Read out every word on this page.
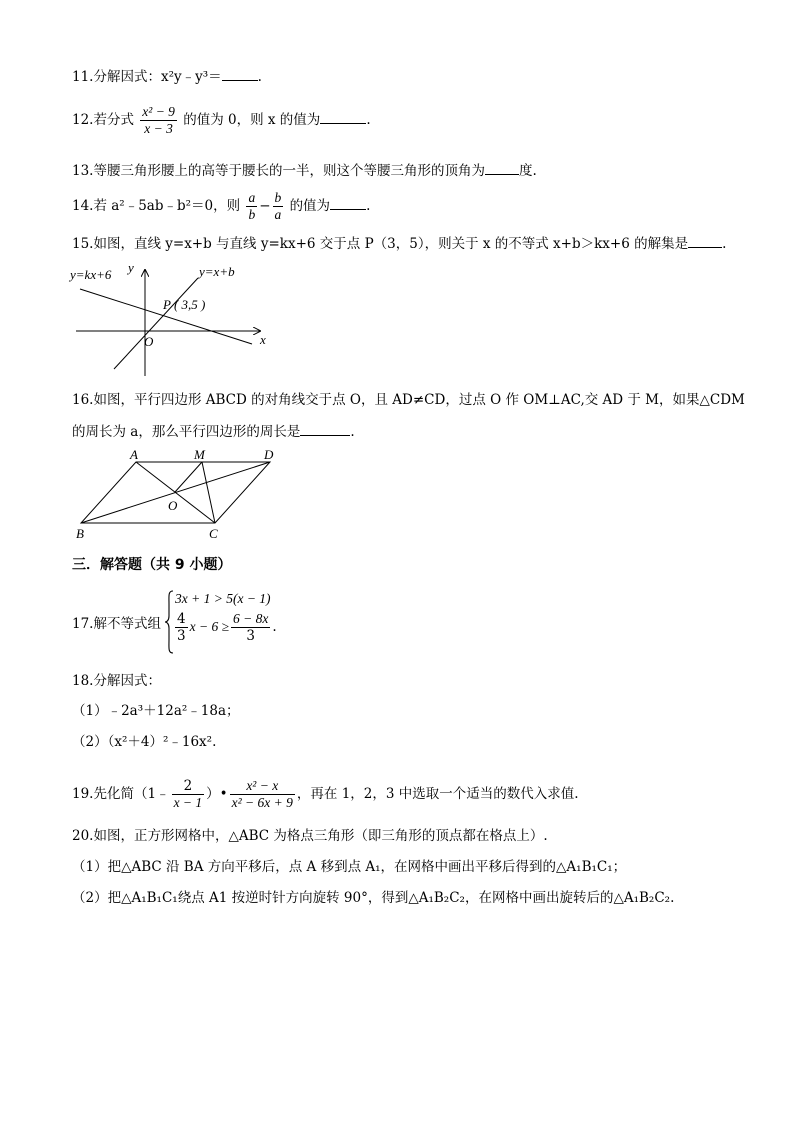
11.分解因式：x²y﹣y³＝	.
12.若分式 $\frac{\text{x² − 9}}{x - 3}$ 的值为 0，则 x 的值为	.
13.等腰三角形腰上的高等于腰长的一半，则这个等腰三角形的顶角为	度.
14.若 a²﹣5ab﹣b²＝0，则 $\frac{a}{b} - \frac{b}{a}$ 的值为	.
15.如图，直线 y=x+b 与直线 y=kx+6 交于点 P（3，5），则关于 x 的不等式 x+b＞kx+6 的解集是	.
y=kx+6	y=x+b
P ( 3,5 )
x
y
O
16.如图，平行四边形 ABCD 的对角线交于点 O，且 AD≠CD，过点 O 作 OM⊥AC,交 AD 于 M，如果△CDM
的周长为 a，那么平行四边形的周长是	.
A	M	D
O
B	C
三．解答题（共 9 小题）
17.解不等式组
3x + 1 > 5(x − 1)
$\frac{4}{3}$ $x - 6 \ge \frac{6 - 8x}{3}$ .
18.分解因式：
（1）﹣2a³＋12a²﹣18a；
（2）（x²＋4）²﹣16x².
19.先化简（1﹣ $\frac{2}{x - 1}$ ）• $\frac{\text{x² − x}}{\text{x² − 6x + 9}}$ ，再在 1，2，3 中选取一个适当的数代入求值.
20.如图，正方形网格中，△ABC 为格点三角形（即三角形的顶点都在格点上）.
（1）把△ABC 沿 BA 方向平移后，点 A 移到点 A₁，在网格中画出平移后得到的△A₁B₁C₁；
（2）把△A₁B₁C₁绕点 A1 按逆时针方向旋转 90°，得到△A₁B₂C₂，在网格中画出旋转后的△A₁B₂C₂.
